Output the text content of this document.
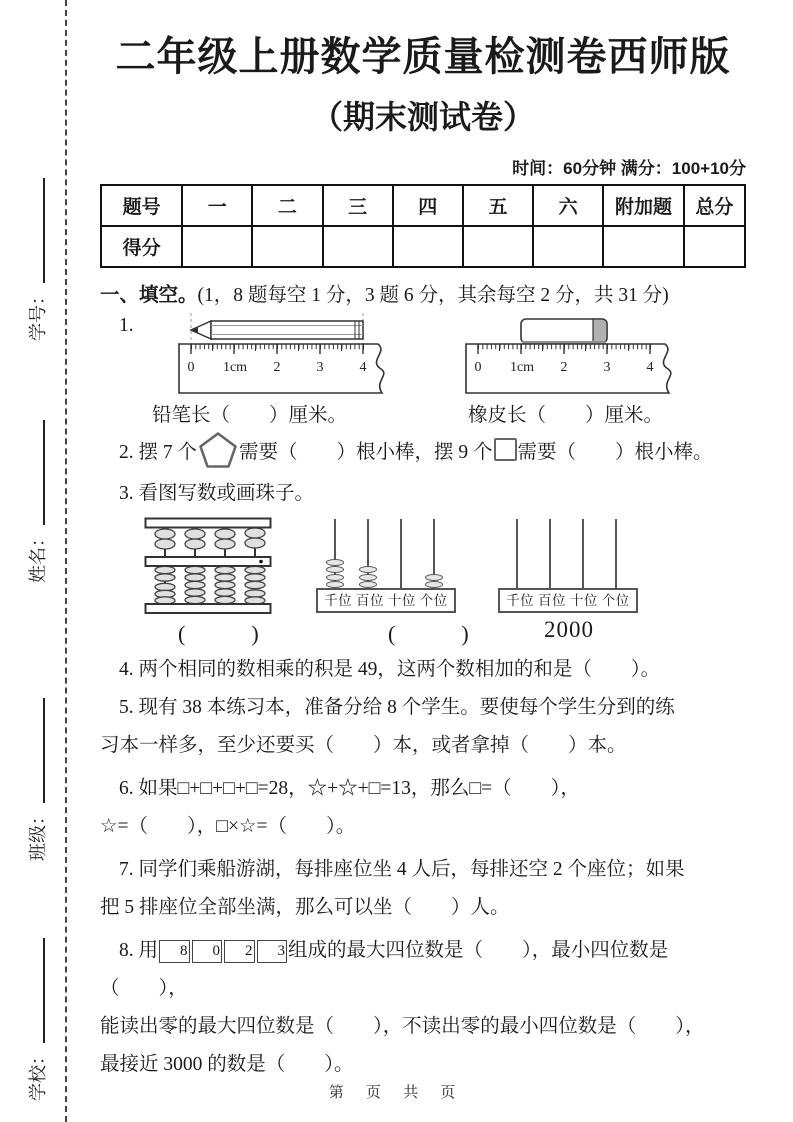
学号：
姓名：
班级：
学校：
二年级上册数学质量检测卷西师版
（期末测试卷）
时间：60分钟 满分：100+10分
题号	一	二	三	四	五	六	附加题	总分
得分								
一、填空。(1，8 题每空 1 分，3 题 6 分，其余每空 2 分，共 31 分)
1.
0 1cm 2	3	4	0 1cm 2	3	4
铅笔长（　　）厘米。	橡皮长（　　）厘米。

2. 摆 7 个 需要（　　）根小棒，摆 9 个 需要（　　）根小棒。

3. 看图写数或画珠子。

千位 百位 十位 个位	千位 百位 十位 个位
(　　　)	(　　　)	2000

4. 两个相同的数相乘的积是 49，这两个数相加的和是（　　）。

5. 现有 38 本练习本，准备分给 8 个学生。要使每个学生分到的练

习本一样多，至少还要买（　　）本，或者拿掉（　　）本。

6. 如果□+□+□+□=28，☆+☆+□=13，那么□=（　　），

☆=（　　），□×☆=（　　）。

7. 同学们乘船游湖，每排座位坐 4 人后，每排还空 2 个座位；如果

把 5 排座位全部坐满，那么可以坐（　　）人。

8. 用 8 0 2 3 组成的最大四位数是（　　），最小四位数是（　　），

能读出零的最大四位数是（　　），不读出零的最小四位数是（　　），

最接近 3000 的数是（　　）。

第 页 共 页
